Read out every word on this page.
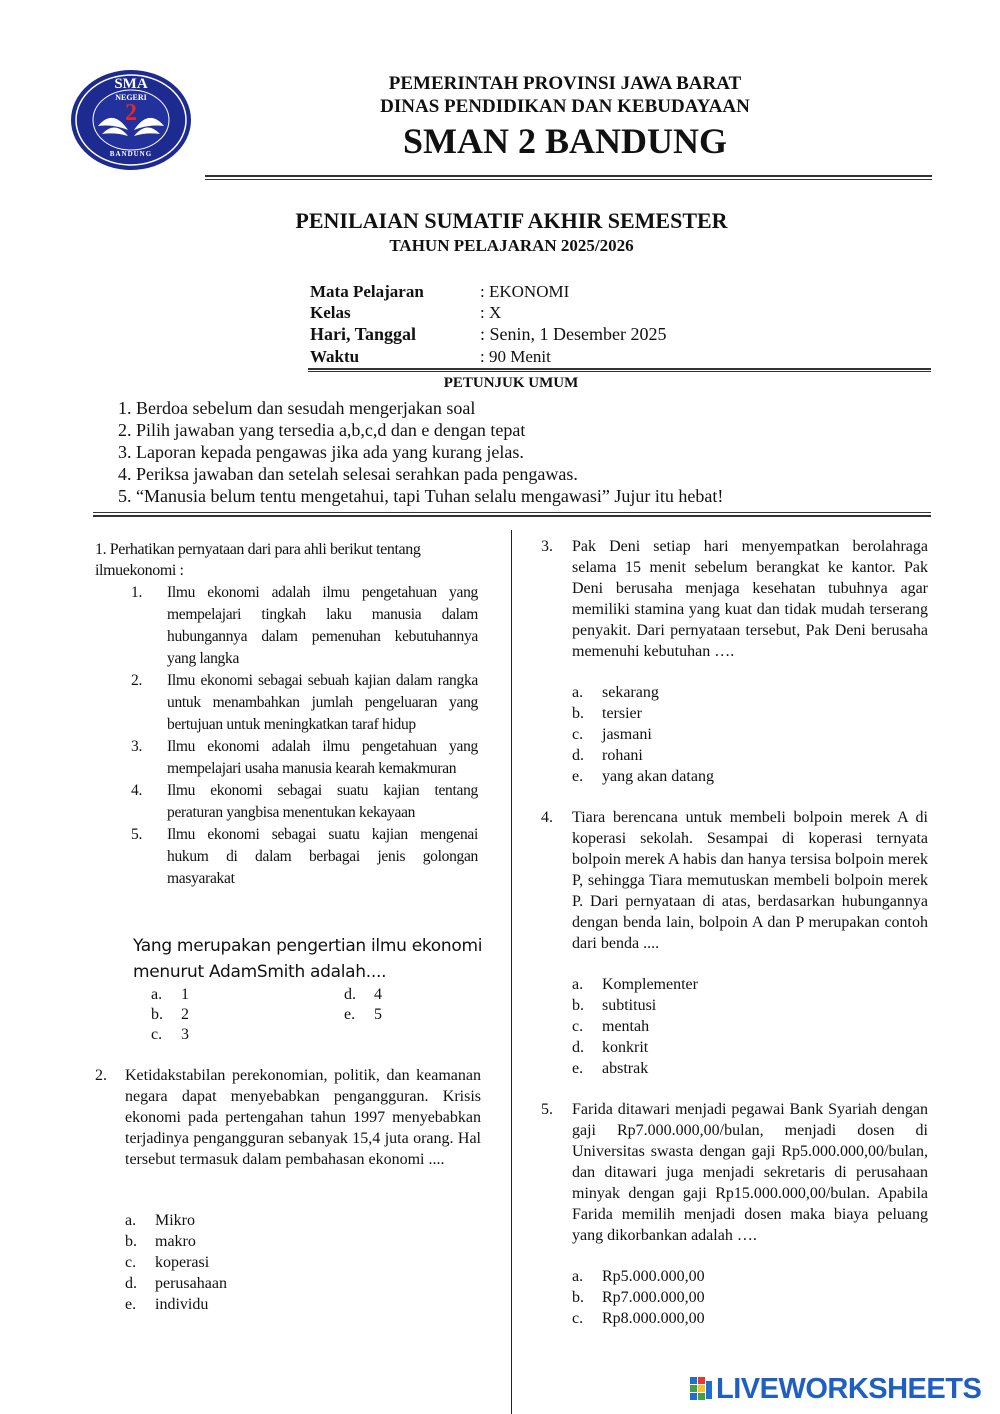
SMA
NEGERI
2
BANDUNG
PEMERINTAH PROVINSI JAWA BARAT
DINAS PENDIDIKAN DAN KEBUDAYAAN
SMAN 2 BANDUNG
PENILAIAN SUMATIF AKHIR SEMESTER
TAHUN PELAJARAN 2025/2026
Mata Pelajaran	: EKONOMI
Kelas	: X
Hari, Tanggal	: Senin, 1 Desember 2025
Waktu	: 90 Menit
PETUNJUK UMUM
1. Berdoa sebelum dan sesudah mengerjakan soal
2. Pilih jawaban yang tersedia a,b,c,d dan e dengan tepat
3. Laporan kepada pengawas jika ada yang kurang jelas.
4. Periksa jawaban dan setelah selesai serahkan pada pengawas.
5. “Manusia belum tentu mengetahui, tapi Tuhan selalu mengawasi” Jujur itu hebat!
1. Perhatikan pernyataan dari para ahli berikut tentang
ilmuekonomi :
1.	Ilmu ekonomi adalah ilmu pengetahuan yang mempelajari tingkah laku manusia dalam hubungannya dalam pemenuhan kebutuhannya yang langka
2.	Ilmu ekonomi sebagai sebuah kajian dalam rangka untuk menambahkan jumlah pengeluaran yang bertujuan untuk meningkatkan taraf hidup
3.	Ilmu ekonomi adalah ilmu pengetahuan yang mempelajari usaha manusia kearah kemakmuran
4.	Ilmu ekonomi sebagai suatu kajian tentang peraturan yangbisa menentukan kekayaan
5.	Ilmu ekonomi sebagai suatu kajian mengenai hukum di dalam berbagai jenis golongan masyarakat
Yang merupakan pengertian ilmu ekonomi
menurut AdamSmith adalah....
a. 1	d. 4
b. 2	e. 5
c. 3
2. Ketidakstabilan perekonomian, politik, dan keamanan negara dapat menyebabkan pengangguran. Krisis ekonomi pada pertengahan tahun 1997 menyebabkan terjadinya pengangguran sebanyak 15,4 juta orang. Hal tersebut termasuk dalam pembahasan ekonomi ....
a. Mikro
b. makro
c. koperasi
d. perusahaan
e. individu
3. Pak Deni setiap hari menyempatkan berolahraga selama 15 menit sebelum berangkat ke kantor. Pak Deni berusaha menjaga kesehatan tubuhnya agar memiliki stamina yang kuat dan tidak mudah terserang penyakit. Dari pernyataan tersebut, Pak Deni berusaha memenuhi kebutuhan ….
a. sekarang
b. tersier
c. jasmani
d. rohani
e. yang akan datang
4. Tiara berencana untuk membeli bolpoin merek A di koperasi sekolah. Sesampai di koperasi ternyata bolpoin merek A habis dan hanya tersisa bolpoin merek P, sehingga Tiara memutuskan membeli bolpoin merek P. Dari pernyataan di atas, berdasarkan hubungannya dengan benda lain, bolpoin A dan P merupakan contoh dari benda ....
a. Komplementer
b. subtitusi
c. mentah
d. konkrit
e. abstrak
5. Farida ditawari menjadi pegawai Bank Syariah dengan gaji Rp7.000.000,00/bulan, menjadi dosen di Universitas swasta dengan gaji Rp5.000.000,00/bulan, dan ditawari juga menjadi sekretaris di perusahaan minyak dengan gaji Rp15.000.000,00/bulan. Apabila Farida memilih menjadi dosen maka biaya peluang yang dikorbankan adalah ….
a. Rp5.000.000,00
b. Rp7.000.000,00
c. Rp8.000.000,00
LIVEWORKSHEETS
